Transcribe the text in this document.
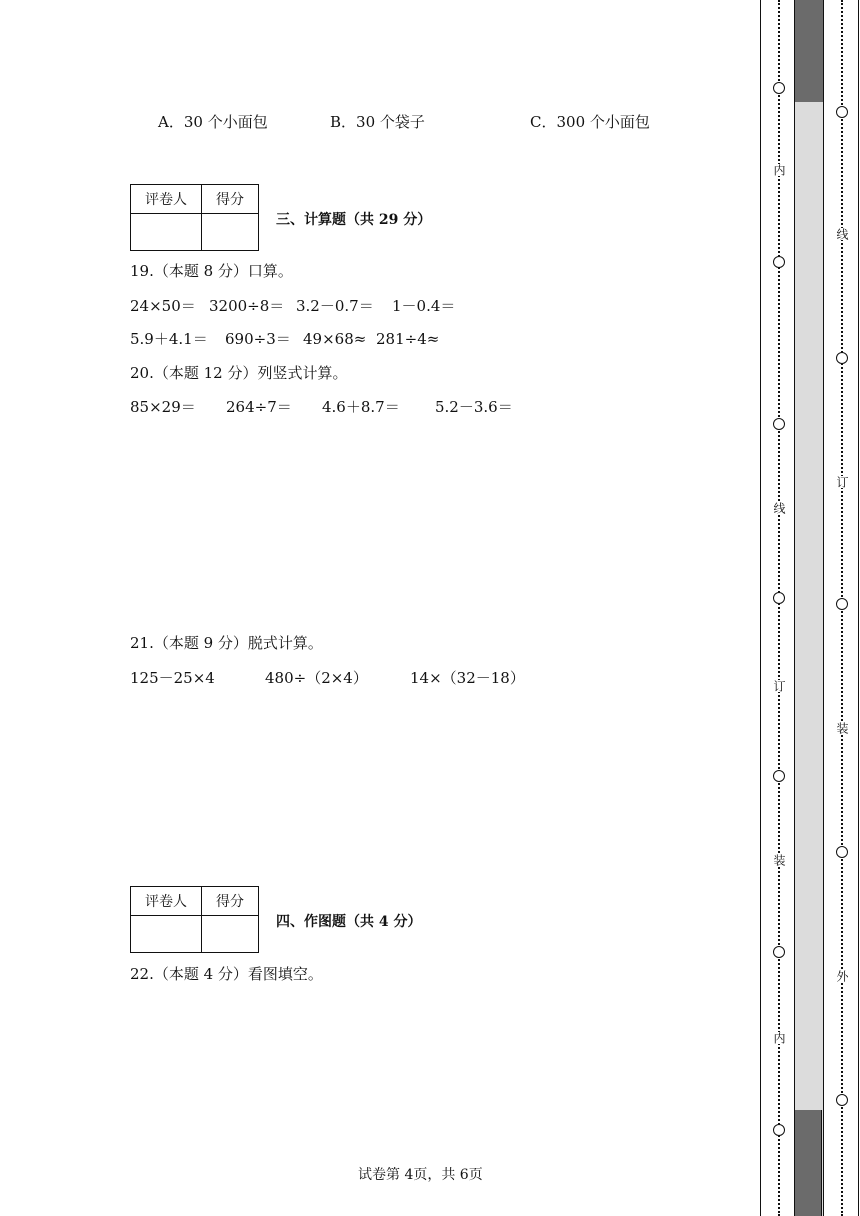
A．30 个小面包	B．30 个袋子	C．300 个小面包
评卷人	得分

三、计算题（共 29 分）
19.（本题 8 分）口算。
24×50＝ 3200÷8＝ 3.2－0.7＝ 1－0.4＝
5.9＋4.1＝ 690÷3＝ 49×68≈ 281÷4≈
20.（本题 12 分）列竖式计算。
85×29＝ 264÷7＝ 4.6＋8.7＝ 5.2－3.6＝
21.（本题 9 分）脱式计算。
125－25×4	480÷（2×4）	14×（32－18）
评卷人	得分

四、作图题（共 4 分）
22.（本题 4 分）看图填空。
试卷第 4页，共 6页
内
线
订
装
内
线
订
装
外
